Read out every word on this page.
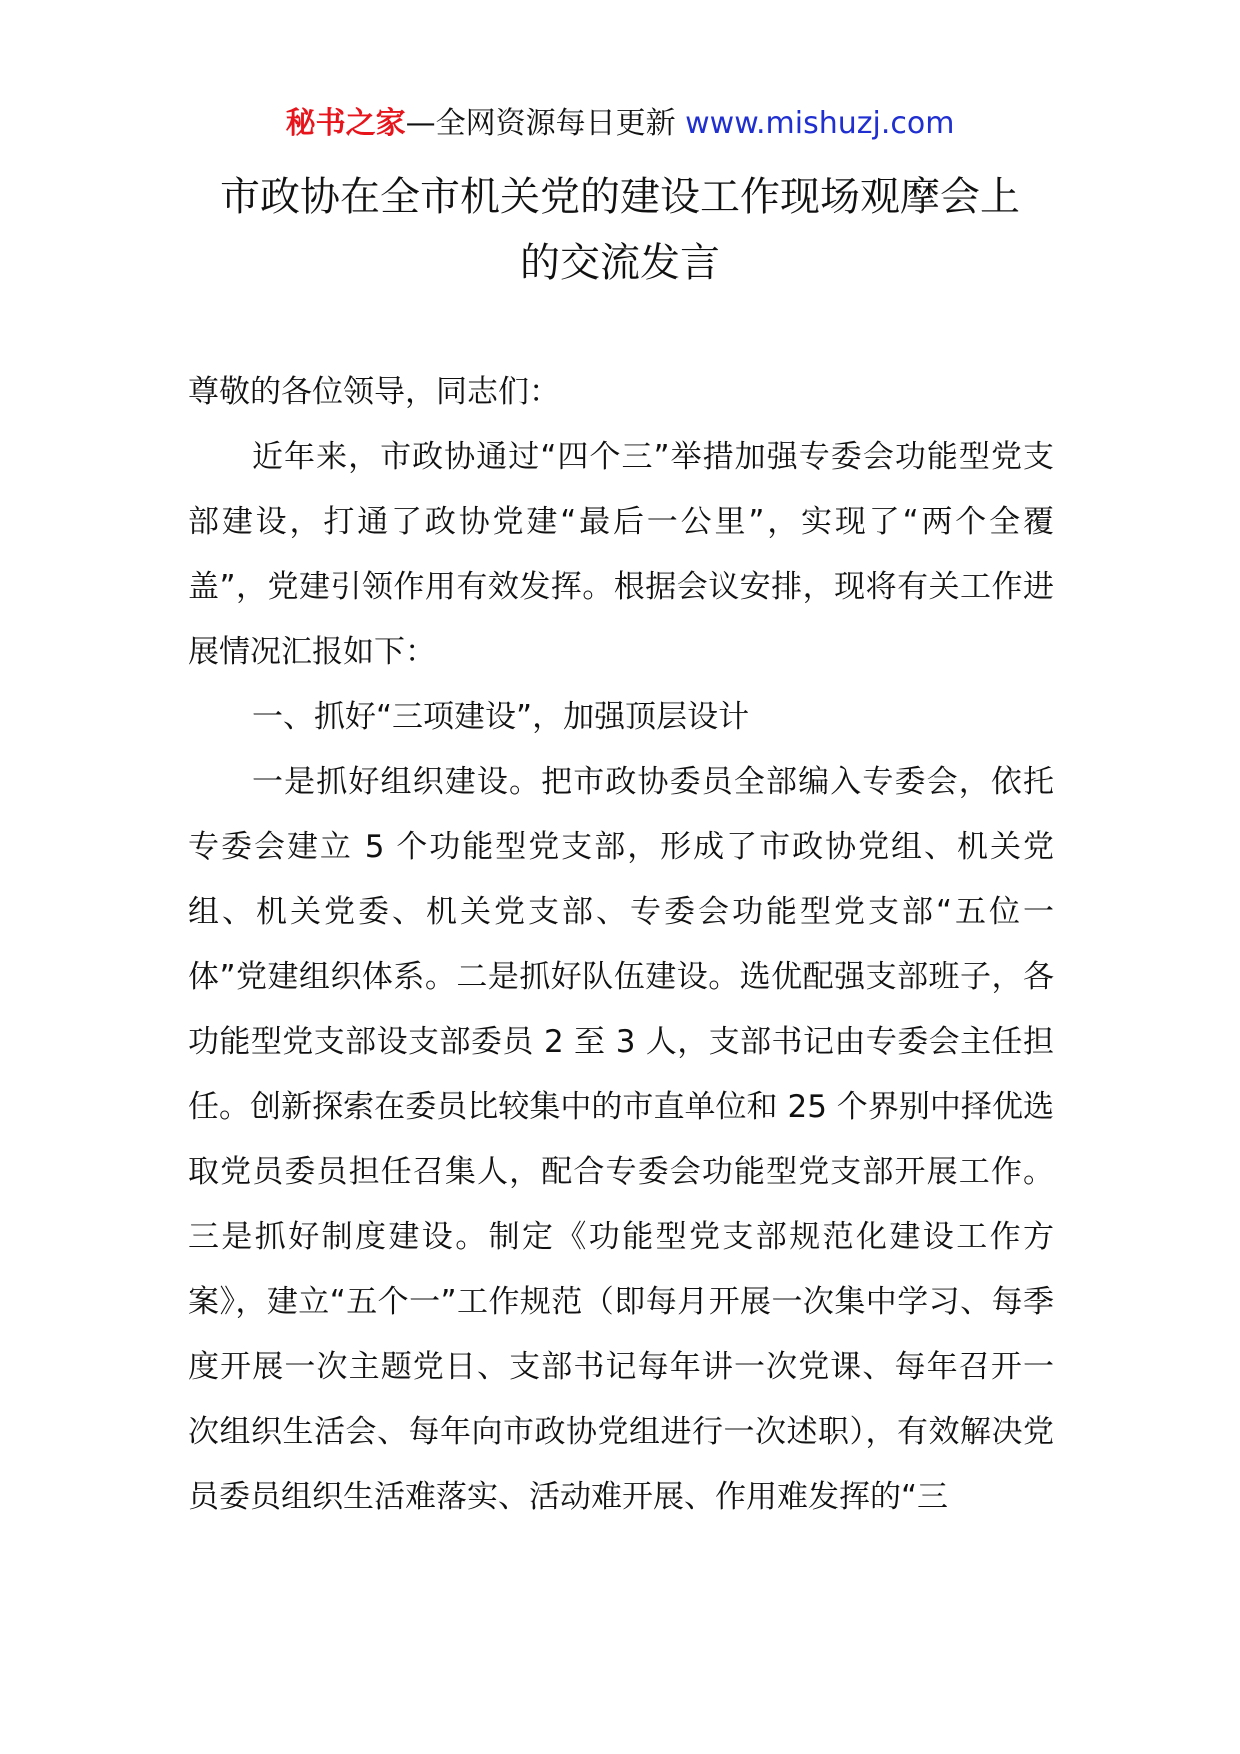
秘书之家—全网资源每日更新 www.mishuzj.com
市政协在全市机关党的建设工作现场观摩会上
的交流发言

尊敬的各位领导，同志们：

近年来，市政协通过“四个三”举措加强专委会功能型党支部建设，打通了政协党建“最后一公里”，实现了“两个全覆盖”，党建引领作用有效发挥。根据会议安排，现将有关工作进展情况汇报如下：

一、抓好“三项建设”，加强顶层设计

一是抓好组织建设。把市政协委员全部编入专委会，依托专委会建立 5 个功能型党支部，形成了市政协党组、机关党组、机关党委、机关党支部、专委会功能型党支部“五位一体”党建组织体系。二是抓好队伍建设。选优配强支部班子，各功能型党支部设支部委员 2 至 3 人，支部书记由专委会主任担任。创新探索在委员比较集中的市直单位和 25 个界别中择优选取党员委员担任召集人，配合专委会功能型党支部开展工作。三是抓好制度建设。制定《功能型党支部规范化建设工作方案》，建立“五个一”工作规范（即每月开展一次集中学习、每季度开展一次主题党日、支部书记每年讲一次党课、每年召开一次组织生活会、每年向市政协党组进行一次述职），有效解决党员委员组织生活难落实、活动难开展、作用难发挥的“三
